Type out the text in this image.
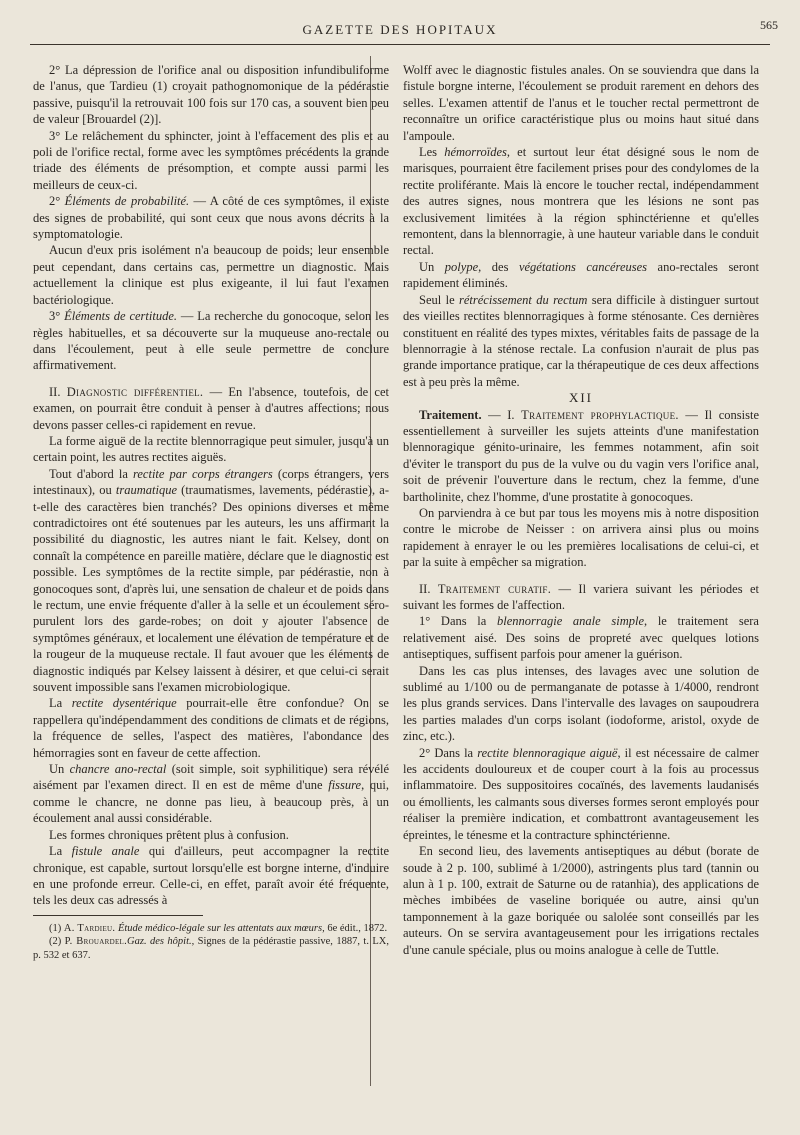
GAZETTE DES HOPITAUX	565

2° La dépression de l'orifice anal ou disposition infundibuliforme de l'anus, que Tardieu (1) croyait pathognomonique de la pédérastie passive, puisqu'il la retrouvait 100 fois sur 170 cas, a souvent bien peu de valeur [Brouardel (2)].

3° Le relâchement du sphincter, joint à l'effacement des plis et au poli de l'orifice rectal, forme avec les symptômes précédents la grande triade des éléments de présomption, et compte aussi parmi les meilleurs de ceux-ci.

2° Éléments de probabilité. — A côté de ces symptômes, il existe des signes de probabilité, qui sont ceux que nous avons décrits à la symptomatologie.

Aucun d'eux pris isolément n'a beaucoup de poids; leur ensemble peut cependant, dans certains cas, permettre un diagnostic. Mais actuellement la clinique est plus exigeante, il lui faut l'examen bactériologique.

3° Éléments de certitude. — La recherche du gonocoque, selon les règles habituelles, et sa découverte sur la muqueuse ano-rectale ou dans l'écoulement, peut à elle seule permettre de conclure affirmativement.

II. Diagnostic différentiel. — En l'absence, toutefois, de cet examen, on pourrait être conduit à penser à d'autres affections; nous devons passer celles-ci rapidement en revue.

La forme aiguë de la rectite blennorragique peut simuler, jusqu'à un certain point, les autres rectites aiguës.

Tout d'abord la rectite par corps étrangers (corps étrangers, vers intestinaux), ou traumatique (traumatismes, lavements, pédérastie), a-t-elle des caractères bien tranchés? Des opinions diverses et même contradictoires ont été soutenues par les auteurs, les uns affirmant la possibilité du diagnostic, les autres niant le fait. Kelsey, dont on connaît la compétence en pareille matière, déclare que le diagnostic est possible. Les symptômes de la rectite simple, par pédérastie, non à gonocoques sont, d'après lui, une sensation de chaleur et de poids dans le rectum, une envie fréquente d'aller à la selle et un écoulement séro-purulent lors des garde-robes; on doit y ajouter l'absence de symptômes généraux, et localement une élévation de température et de la rougeur de la muqueuse rectale. Il faut avouer que les éléments de diagnostic indiqués par Kelsey laissent à désirer, et que celui-ci serait souvent impossible sans l'examen microbiologique.

La rectite dysentérique pourrait-elle être confondue? On se rappellera qu'indépendamment des conditions de climats et de régions, la fréquence de selles, l'aspect des matières, l'abondance des hémorragies sont en faveur de cette affection.

Un chancre ano-rectal (soit simple, soit syphilitique) sera révélé aisément par l'examen direct. Il en est de même d'une fissure, qui, comme le chancre, ne donne pas lieu, à beaucoup près, à un écoulement anal aussi considérable.

Les formes chroniques prêtent plus à confusion.

La fistule anale qui d'ailleurs, peut accompagner la rectite chronique, est capable, surtout lorsqu'elle est borgne interne, d'induire en une profonde erreur. Celle-ci, en effet, paraît avoir été fréquente, tels les deux cas adressés à

(1) A. Tardieu. Étude médico-légale sur les attentats aux mœurs, 6e édit., 1872.

(2) P. Brouardel.Gaz. des hôpit., Signes de la pédérastie passive, 1887, t. LX, p. 532 et 637.

Wolff avec le diagnostic fistules anales. On se souviendra que dans la fistule borgne interne, l'écoulement se produit rarement en dehors des selles. L'examen attentif de l'anus et le toucher rectal permettront de reconnaître un orifice caractéristique plus ou moins haut situé dans l'ampoule.

Les hémorroïdes, et surtout leur état désigné sous le nom de marisques, pourraient être facilement prises pour des condylomes de la rectite proliférante. Mais là encore le toucher rectal, indépendamment des autres signes, nous montrera que les lésions ne sont pas exclusivement limitées à la région sphinctérienne et qu'elles remontent, dans la blennorragie, à une hauteur variable dans le conduit rectal.

Un polype, des végétations cancéreuses ano-rectales seront rapidement éliminés.

Seul le rétrécissement du rectum sera difficile à distinguer surtout des vieilles rectites blennorragiques à forme sténosante. Ces dernières constituent en réalité des types mixtes, véritables faits de passage de la blennorragie à la sténose rectale. La confusion n'aurait de plus pas grande importance pratique, car la thérapeutique de ces deux affections est à peu près la même.

XII

Traitement. — I. Traitement prophylactique. — Il consiste essentiellement à surveiller les sujets atteints d'une manifestation blennoragique génito-urinaire, les femmes notamment, afin soit d'éviter le transport du pus de la vulve ou du vagin vers l'orifice anal, soit de prévenir l'ouverture dans le rectum, chez la femme, d'une bartholinite, chez l'homme, d'une prostatite à gonocoques.

On parviendra à ce but par tous les moyens mis à notre disposition contre le microbe de Neisser : on arrivera ainsi plus ou moins rapidement à enrayer le ou les premières localisations de celui-ci, et par la suite à empêcher sa migration.

II. Traitement curatif. — Il variera suivant les périodes et suivant les formes de l'affection.

1° Dans la blennorragie anale simple, le traitement sera relativement aisé. Des soins de propreté avec quelques lotions antiseptiques, suffisent parfois pour amener la guérison.

Dans les cas plus intenses, des lavages avec une solution de sublimé au 1/100 ou de permanganate de potasse à 1/4000, rendront les plus grands services. Dans l'intervalle des lavages on saupoudrera les parties malades d'un corps isolant (iodoforme, aristol, oxyde de zinc, etc.).

2° Dans la rectite blennoragique aiguë, il est nécessaire de calmer les accidents douloureux et de couper court à la fois au processus inflammatoire. Des suppositoires cocaïnés, des lavements laudanisés ou émollients, les calmants sous diverses formes seront employés pour réaliser la première indication, et combattront avantageusement les épreintes, le ténesme et la contracture sphinctérienne.

En second lieu, des lavements antiseptiques au début (borate de soude à 2 p. 100, sublimé à 1/2000), astringents plus tard (tannin ou alun à 1 p. 100, extrait de Saturne ou de ratanhia), des applications de mèches imbibées de vaseline boriquée ou autre, ainsi qu'un tamponnement à la gaze boriquée ou salolée sont conseillés par les auteurs. On se servira avantageusement pour les irrigations rectales d'une canule spéciale, plus ou moins analogue à celle de Tuttle.
